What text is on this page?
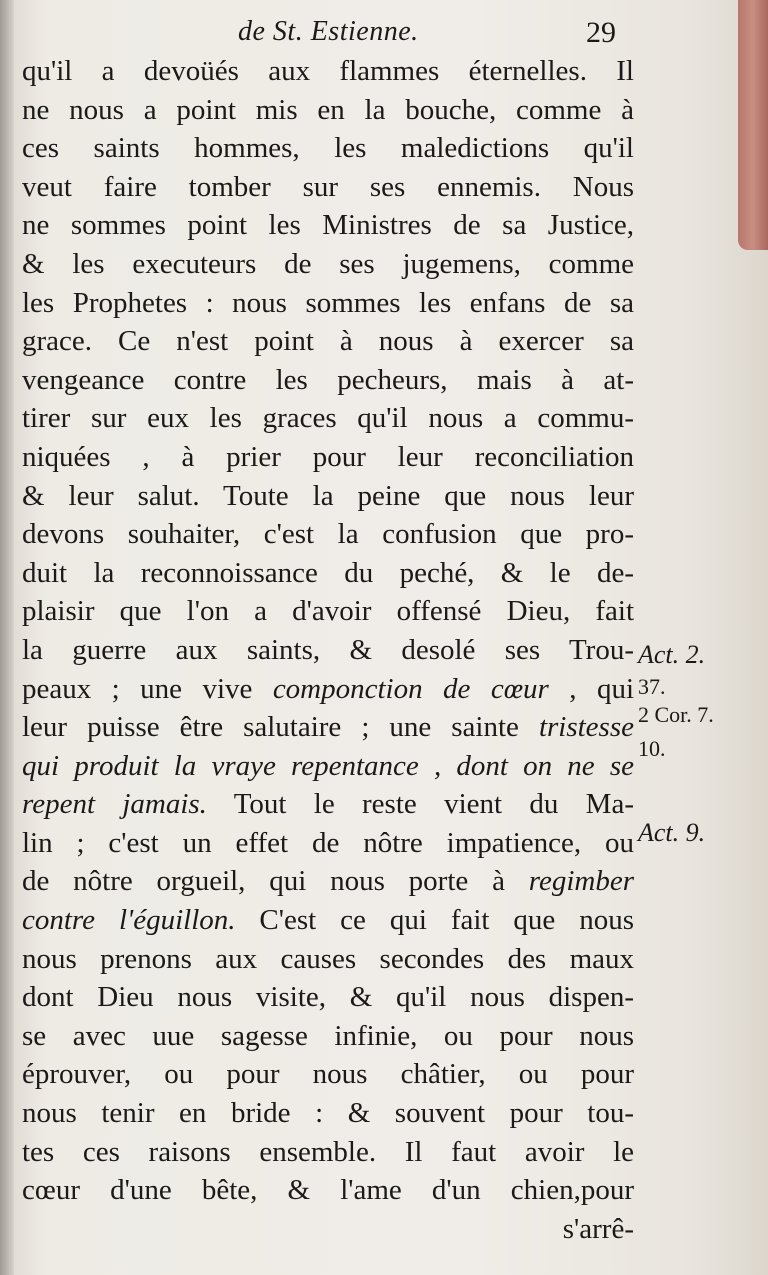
de St. Estienne.	29
qu'il a devoüés aux flammes éternelles. Il
ne nous a point mis en la bouche, comme à
ces saints hommes, les maledictions qu'il
veut faire tomber sur ses ennemis. Nous
ne sommes point les Ministres de sa Justice,
& les executeurs de ses jugemens, comme
les Prophetes : nous sommes les enfans de sa
grace. Ce n'est point à nous à exercer sa
vengeance contre les pecheurs, mais à at-
tirer sur eux les graces qu'il nous a commu-
niquées , à prier pour leur reconciliation
& leur salut. Toute la peine que nous leur
devons souhaiter, c'est la confusion que pro-
duit la reconnoissance du peché, & le de-
plaisir que l'on a d'avoir offensé Dieu, fait
la guerre aux saints, & desolé ses Trou-
peaux ; une vive componction de cœur , qui
leur puisse être salutaire ; une sainte tristesse
qui produit la vraye repentance , dont on ne se
repent jamais. Tout le reste vient du Ma-
lin ; c'est un effet de nôtre impatience, ou
de nôtre orgueil, qui nous porte à regimber
contre l'éguillon. C'est ce qui fait que nous
nous prenons aux causes secondes des maux
dont Dieu nous visite, & qu'il nous dispen-
se avec uue sagesse infinie, ou pour nous
éprouver, ou pour nous châtier, ou pour
nous tenir en bride : & souvent pour tou-
tes ces raisons ensemble. Il faut avoir le
cœur d'une bête, & l'ame d'un chien,pour
s'arrê-
Act. 2.
37.
2 Cor. 7.
10.
Act. 9.
